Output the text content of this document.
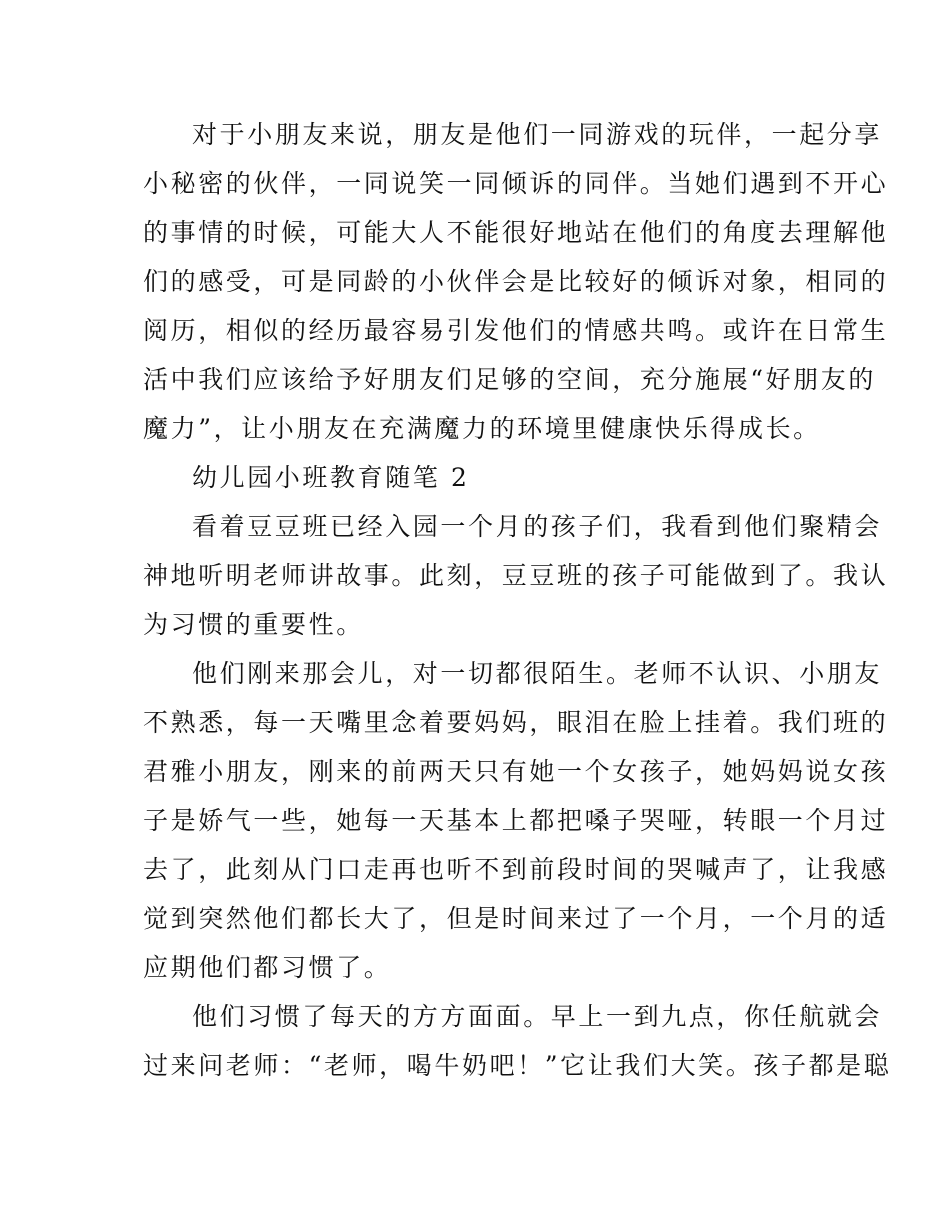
对于小朋友来说，朋友是他们一同游戏的玩伴，一起分享
小秘密的伙伴，一同说笑一同倾诉的同伴。当她们遇到不开心
的事情的时候，可能大人不能很好地站在他们的角度去理解他
们的感受，可是同龄的小伙伴会是比较好的倾诉对象，相同的
阅历，相似的经历最容易引发他们的情感共鸣。或许在日常生
活中我们应该给予好朋友们足够的空间，充分施展“好朋友的
魔力”，让小朋友在充满魔力的环境里健康快乐得成长。
幼儿园小班教育随笔 2
看着豆豆班已经入园一个月的孩子们，我看到他们聚精会
神地听明老师讲故事。此刻，豆豆班的孩子可能做到了。我认
为习惯的重要性。
他们刚来那会儿，对一切都很陌生。老师不认识、小朋友
不熟悉，每一天嘴里念着要妈妈，眼泪在脸上挂着。我们班的
君雅小朋友，刚来的前两天只有她一个女孩子，她妈妈说女孩
子是娇气一些，她每一天基本上都把嗓子哭哑，转眼一个月过
去了，此刻从门口走再也听不到前段时间的哭喊声了，让我感
觉到突然他们都长大了，但是时间来过了一个月，一个月的适
应期他们都习惯了。
他们习惯了每天的方方面面。早上一到九点，你任航就会
过来问老师：“老师，喝牛奶吧！”它让我们大笑。孩子都是聪
